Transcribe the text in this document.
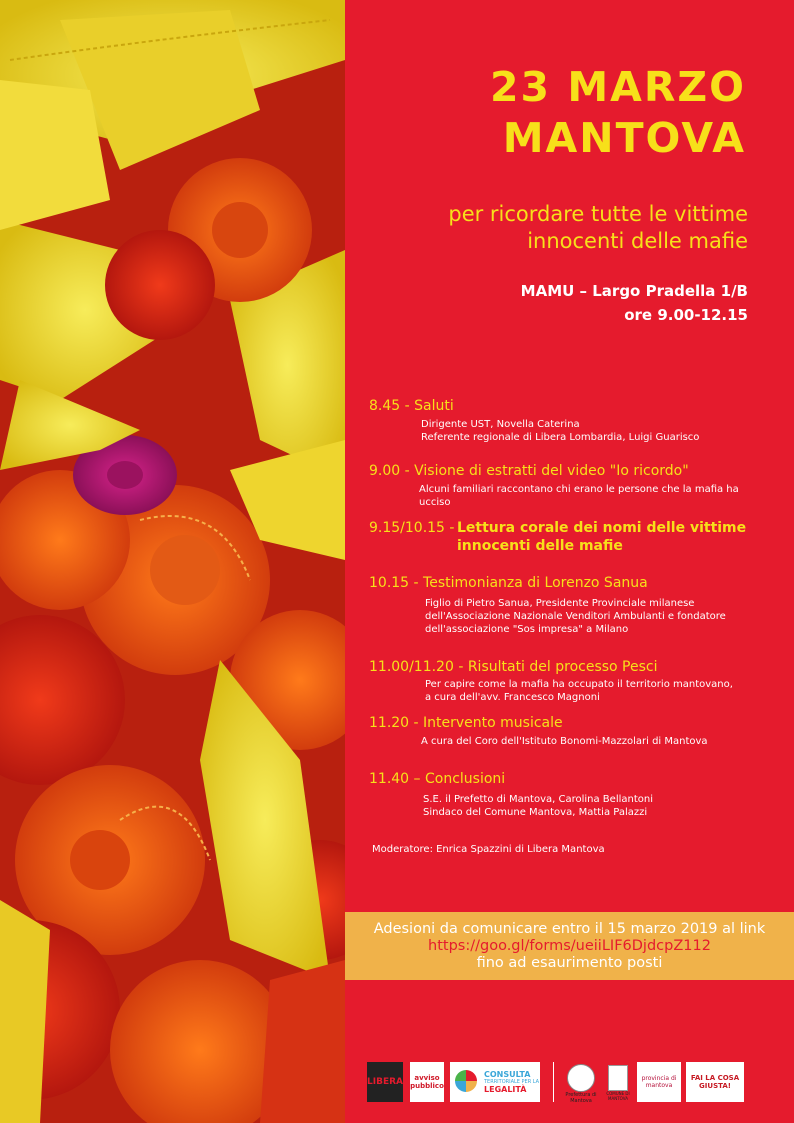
23 MARZO
MANTOVA
per ricordare tutte le vittime
innocenti delle mafie
MAMU – Largo Pradella 1/B
ore 9.00-12.15
8.45 - Saluti
Dirigente UST, Novella Caterina
Referente regionale di Libera Lombardia, Luigi Guarisco
9.00 - Visione di estratti del video "Io ricordo"
Alcuni familiari raccontano chi erano le persone che la mafia ha
ucciso
9.15/10.15 - Lettura corale dei nomi delle vittime
innocenti delle mafie
10.15 - Testimonianza di Lorenzo Sanua
Figlio di Pietro Sanua, Presidente Provinciale milanese
dell'Associazione Nazionale Venditori Ambulanti e fondatore
dell'associazione "Sos impresa" a Milano
11.00/11.20 - Risultati del processo Pesci
Per capire come la mafia ha occupato il territorio mantovano,
a cura dell'avv. Francesco Magnoni
11.20 - Intervento musicale
A cura del Coro dell'Istituto Bonomi-Mazzolari di Mantova
11.40 – Conclusioni
S.E. il Prefetto di Mantova, Carolina Bellantoni
Sindaco del Comune Mantova, Mattia Palazzi
Moderatore: Enrica Spazzini di Libera Mantova
Adesioni da comunicare entro il 15 marzo 2019 al link
https://goo.gl/forms/ueiiLIF6DjdcpZ112
fino ad esaurimento posti
LIBERA	avviso pubblico
CONSULTA
TERRITORIALE PER LA
LEGALITÀ
Prefettura di Mantova
COMUNE DI MANTOVA
provincia di mantova
FAI LA COSA GIUSTA!
